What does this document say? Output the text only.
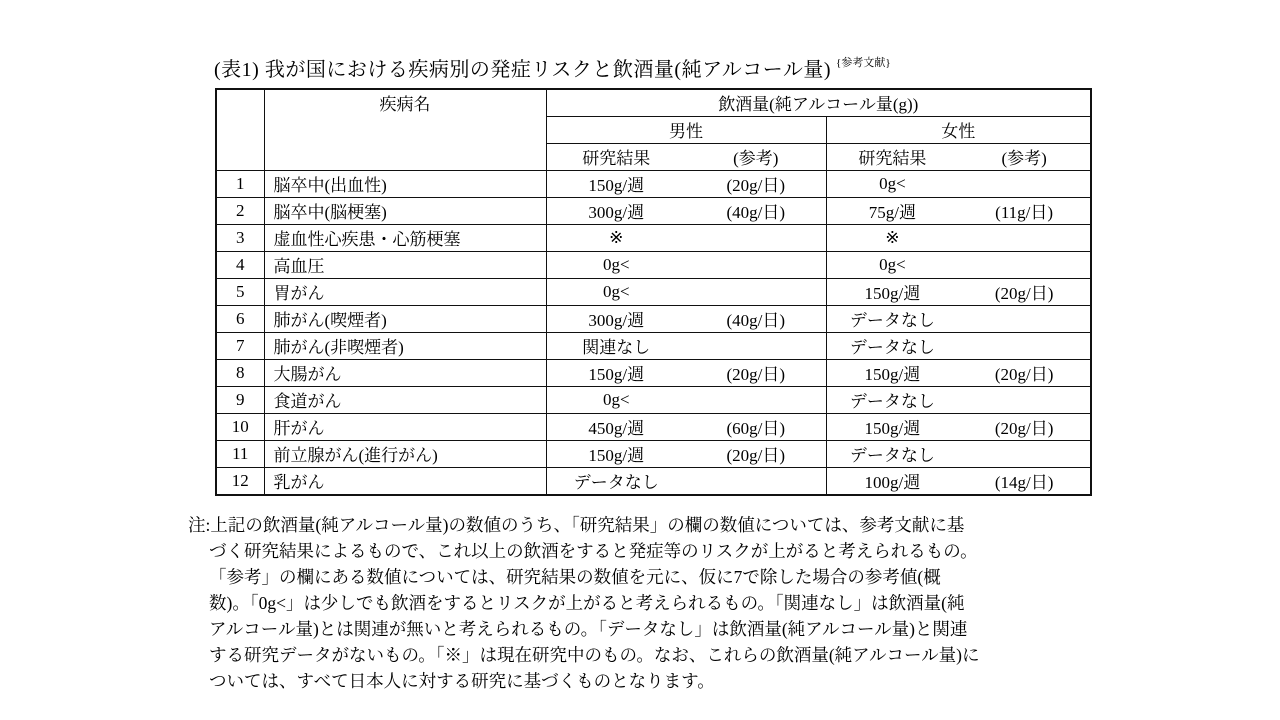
(表1) 我が国における疾病別の発症リスクと飲酒量(純アルコール量) $^{\{参考文献\}}$
	疾病名	飲酒量(純アルコール量(g))	
		男性	女性

		研究結果 (参考)	研究結果 (参考)

1	脳卒中(出血性)	150g/週 (20g/日)	0g<

2	脳卒中(脳梗塞)	300g/週 (40g/日)	75g/週 (11g/日)

3	虚血性心疾患・心筋梗塞	※	※

4	高血圧	0g<	0g<

5	胃がん	0g<	150g/週 (20g/日)

6	肺がん(喫煙者)	300g/週 (40g/日)	データなし

7	肺がん(非喫煙者)	関連なし	データなし

8	大腸がん	150g/週 (20g/日)	150g/週 (20g/日)

9	食道がん	0g<	データなし

10	肝がん	450g/週 (60g/日)	150g/週 (20g/日)

11	前立腺がん(進行がん)	150g/週 (20g/日)	データなし

12	乳がん	データなし	100g/週 (14g/日)
注:上記の飲酒量(純アルコール量)の数値のうち、「研究結果」の欄の数値については、参考文献に基
づく研究結果によるもので、これ以上の飲酒をすると発症等のリスクが上がると考えられるもの。
「参考」の欄にある数値については、研究結果の数値を元に、仮に7で除した場合の参考値(概
数)。「0g<」は少しでも飲酒をするとリスクが上がると考えられるもの。「関連なし」は飲酒量(純
アルコール量)とは関連が無いと考えられるもの。「データなし」は飲酒量(純アルコール量)と関連
する研究データがないもの。「※」は現在研究中のもの。なお、これらの飲酒量(純アルコール量)に
ついては、すべて日本人に対する研究に基づくものとなります。
